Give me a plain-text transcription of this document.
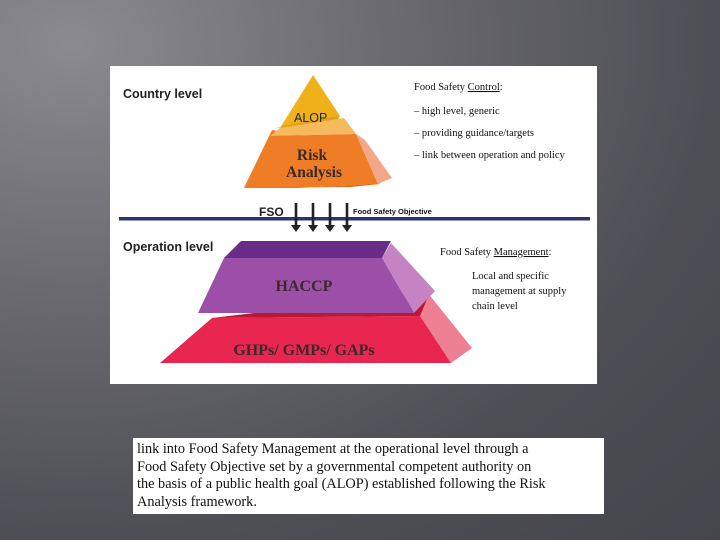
Country level
ALOP
Risk
Analysis
Food Safety Control:
– high level, generic
– providing guidance/targets
– link between operation and policy
FSO	Food Safety Objective
Operation level
GHPs/ GMPs/ GAPs
HACCP
Food Safety Management:
Local and specific
management at supply
chain level
link into Food Safety Management at the operational level through a
Food Safety Objective set by a governmental competent authority on
the basis of a public health goal (ALOP) established following the Risk
Analysis framework.
